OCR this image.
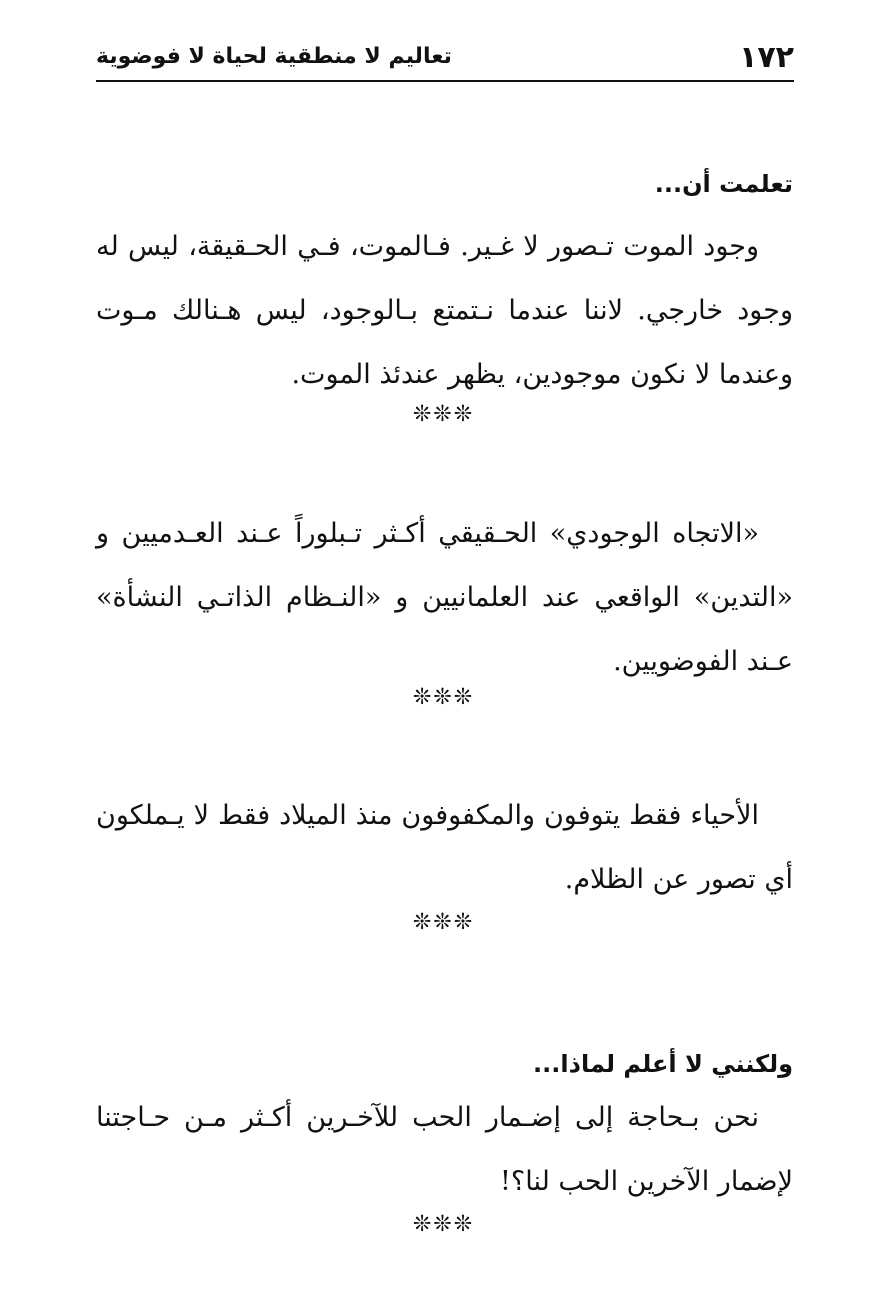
١٧٢
تعاليم لا منطقية لحياة لا فوضوية
تعلمت أن...
وجود الموت تـصور لا غـير. فـالموت، فـي الحـقيقة، ليس له وجود خارجي. لاننا عندما نـتمتع بـالوجود، ليس هـنالك مـوت وعندما لا نكون موجودين، يظهر عندئذ الموت.
❊❊❊
«الاتجاه الوجودي» الحـقيقي أكـثر تـبلوراً عـند العـدميين و «التدين» الواقعي عند العلمانيين و «النـظام الذاتـي النشأة» عـند الفوضويين.
❊❊❊
الأحياء فقط يتوفون والمكفوفون منذ الميلاد فقط لا يـملكون أي تصور عن الظلام.
❊❊❊
ولكنني لا أعلم لماذا...
نحن بـحاجة إلى إضـمار الحب للآخـرين أكـثر مـن حـاجتنا لإضمار الآخرين الحب لنا؟!
❊❊❊
